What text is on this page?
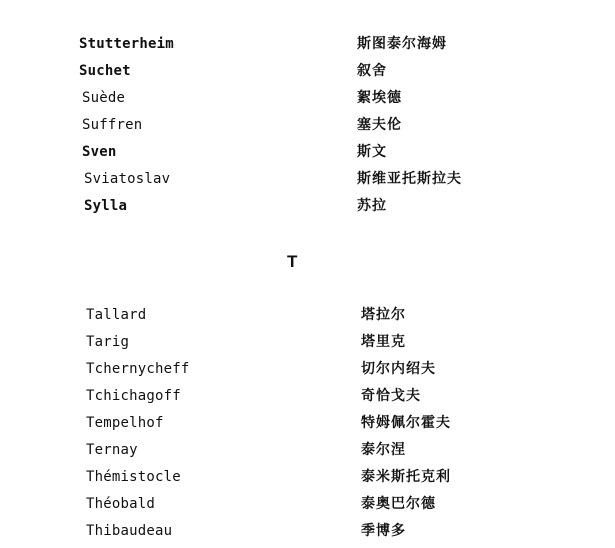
Stutterheim	斯图泰尔海姆
Suchet	叙舍
Suède	絮埃德
Suffren	塞夫伦
Sven	斯文
Sviatoslav	斯维亚托斯拉夫
Sylla	苏拉
T
Tallard	塔拉尔
Tarig	塔里克
Tchernycheff	切尔内绍夫
Tchichagoff	奇恰戈夫
Tempelhof	特姆佩尔霍夫
Ternay	泰尔涅
Thémistocle	泰米斯托克利
Théobald	泰奥巴尔德
Thibaudeau	季博多
